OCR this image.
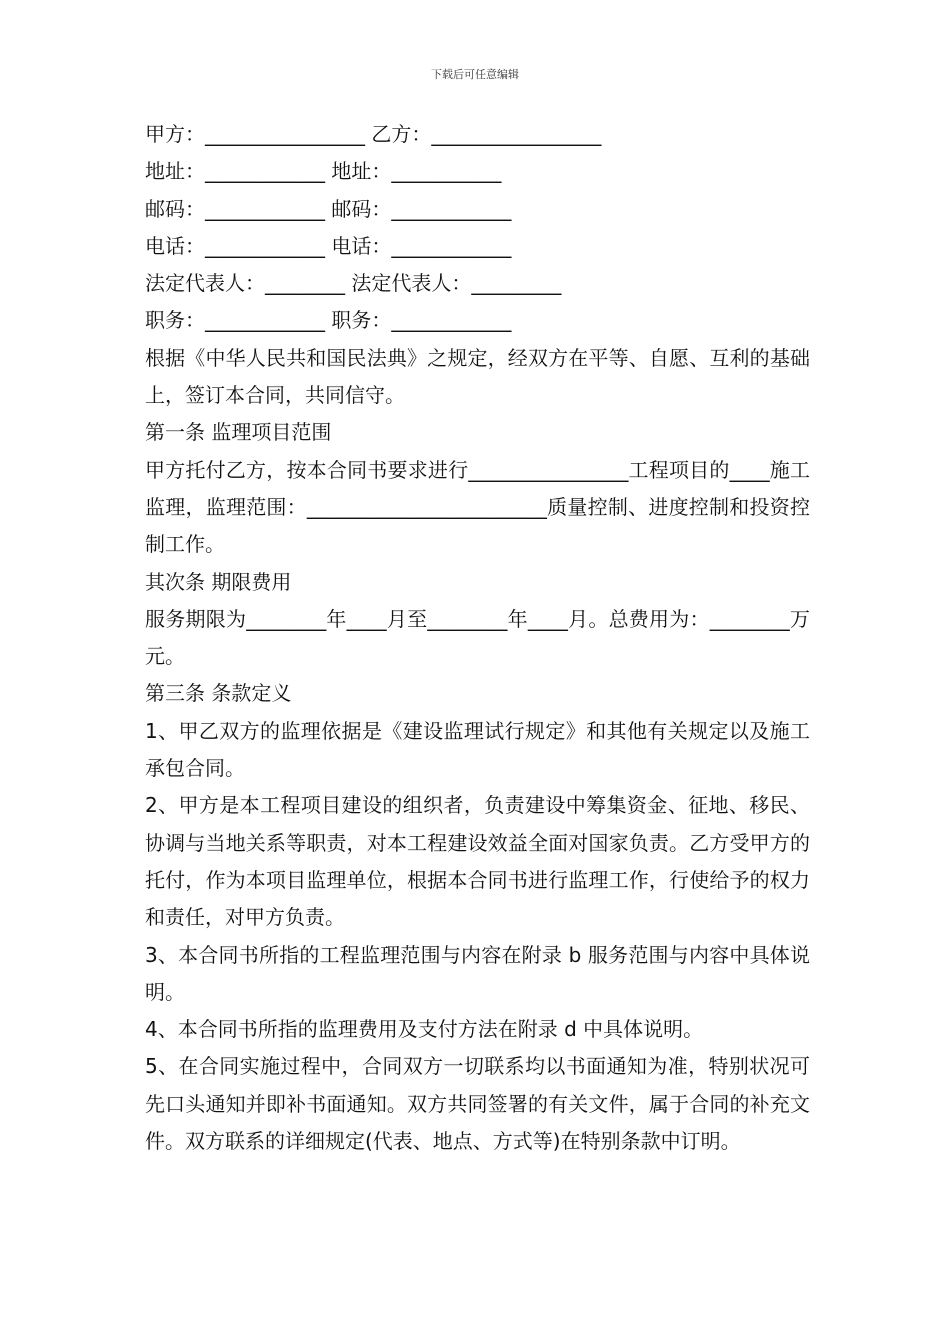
下载后可任意编辑

甲方：________________ 乙方：_________________

地址：____________ 地址：___________

邮码：____________ 邮码：____________

电话：____________ 电话：____________

法定代表人：________ 法定代表人：_________

职务：____________ 职务：____________

根据《中华人民共和国民法典》之规定，经双方在平等、自愿、互利的基础上，签订本合同，共同信守。

第一条 监理项目范围

甲方托付乙方，按本合同书要求进行________________工程项目的____施工监理，监理范围：________________________质量控制、进度控制和投资控制工作。

其次条 期限费用

服务期限为________年____月至________年____月。总费用为：________万元。

第三条 条款定义

1、甲乙双方的监理依据是《建设监理试行规定》和其他有关规定以及施工承包合同。

2、甲方是本工程项目建设的组织者，负责建设中筹集资金、征地、移民、协调与当地关系等职责，对本工程建设效益全面对国家负责。乙方受甲方的托付，作为本项目监理单位，根据本合同书进行监理工作，行使给予的权力和责任，对甲方负责。

3、本合同书所指的工程监理范围与内容在附录 b 服务范围与内容中具体说明。

4、本合同书所指的监理费用及支付方法在附录 d 中具体说明。

5、在合同实施过程中，合同双方一切联系均以书面通知为准，特别状况可先口头通知并即补书面通知。双方共同签署的有关文件，属于合同的补充文件。双方联系的详细规定(代表、地点、方式等)在特别条款中订明。
